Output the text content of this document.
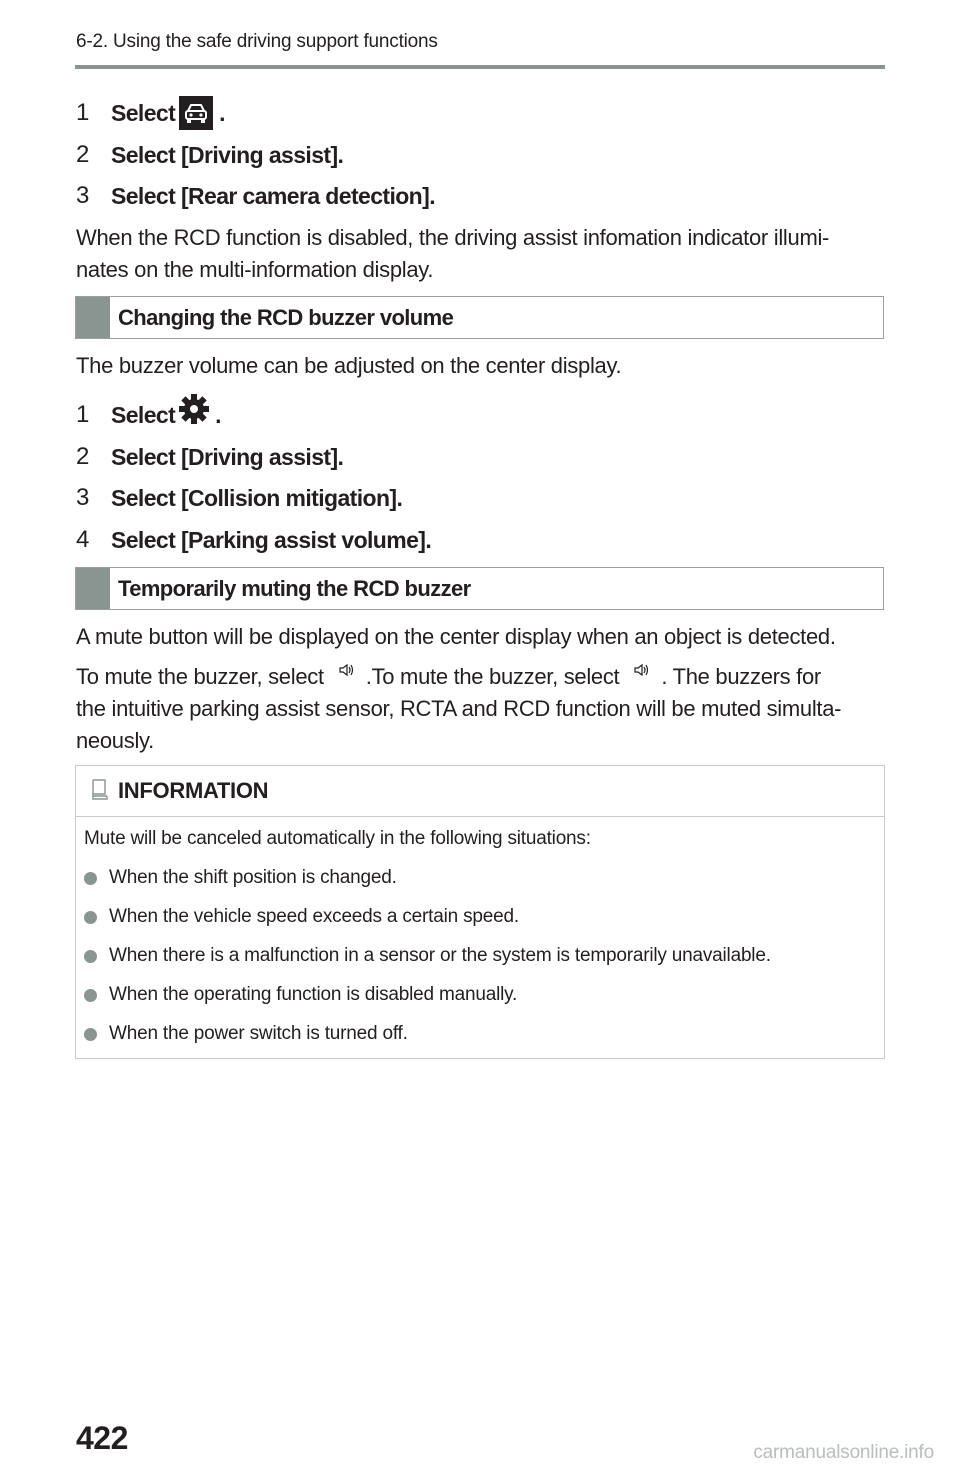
6-2. Using the safe driving support functions
1 Select .
2 Select [Driving assist].
3 Select [Rear camera detection].

When the RCD function is disabled, the driving assist infomation indicator illumi-

nates on the multi-information display.

Changing the RCD buzzer volume

The buzzer volume can be adjusted on the center display.

1 Select .
2 Select [Driving assist].
3 Select [Collision mitigation].
4 Select [Parking assist volume].
Temporarily muting the RCD buzzer

A mute button will be displayed on the center display when an object is detected.

To mute the buzzer, select .To mute the buzzer, select . The buzzers for

the intuitive parking assist sensor, RCTA and RCD function will be muted simulta-

neously.

INFORMATION
Mute will be canceled automatically in the following situations:
When the shift position is changed.
When the vehicle speed exceeds a certain speed.
When there is a malfunction in a sensor or the system is temporarily unavailable.
When the operating function is disabled manually.
When the power switch is turned off.
422	carmanualsonline.info
